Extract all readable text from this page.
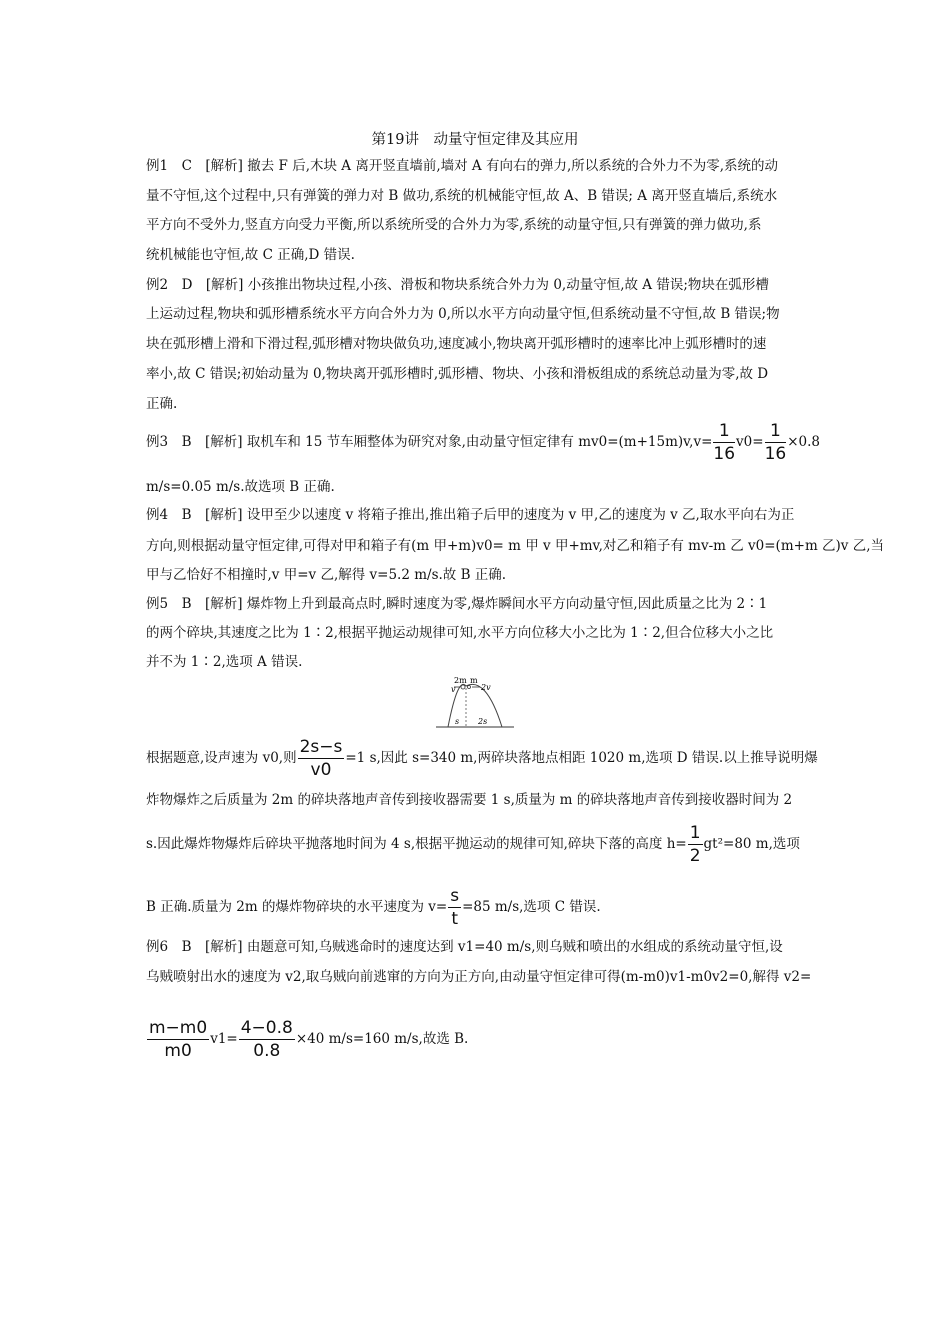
第19讲　动量守恒定律及其应用
例1　C　[解析] 撤去 F 后,木块 A 离开竖直墙前,墙对 A 有向右的弹力,所以系统的合外力不为零,系统的动
量不守恒,这个过程中,只有弹簧的弹力对 B 做功,系统的机械能守恒,故 A、B 错误; A 离开竖直墙后,系统水
平方向不受外力,竖直方向受力平衡,所以系统所受的合外力为零,系统的动量守恒,只有弹簧的弹力做功,系
统机械能也守恒,故 C 正确,D 错误.
例2　D　[解析] 小孩推出物块过程,小孩、滑板和物块系统合外力为 0,动量守恒,故 A 错误;物块在弧形槽
上运动过程,物块和弧形槽系统水平方向合外力为 0,所以水平方向动量守恒,但系统动量不守恒,故 B 错误;物
块在弧形槽上滑和下滑过程,弧形槽对物块做负功,速度减小,物块离开弧形槽时的速率比冲上弧形槽时的速
率小,故 C 错误;初始动量为 0,物块离开弧形槽时,弧形槽、物块、小孩和滑板组成的系统总动量为零,故 D
正确.
例3　B　[解析] 取机车和 15 节车厢整体为研究对象,由动量守恒定律有 $mv0=(m+15m)v,v= \frac{1}{16} v0= \frac{1}{16} \times 0.8$
m/s=0.05 m/s.故选项 B 正确.
例4　B　[解析] 设甲至少以速度 v 将箱子推出,推出箱子后甲的速度为 v 甲,乙的速度为 v 乙,取水平向右为正
方向,则根据动量守恒定律,可得对甲和箱子有(m 甲+m)v0= m 甲 v 甲+mv,对乙和箱子有 mv-m 乙 v0=(m+m 乙)v 乙,当
甲与乙恰好不相撞时,v 甲=v 乙,解得 v=5.2 m/s.故 B 正确.
例5　B　[解析] 爆炸物上升到最高点时,瞬时速度为零,爆炸瞬间水平方向动量守恒,因此质量之比为 2∶1
的两个碎块,其速度之比为 1∶2,根据平抛运动规律可知,水平方向位移大小之比为 1∶2,但合位移大小之比
并不为 1∶2,选项 A 错误.
2m m
v	2v
s 2s
根据题意,设声速为 v0,则 $\frac{2s-s}{v0} =1$ s,因此 s=340 m,两碎块落地点相距 1020 m,选项 D 错误.以上推导说明爆
炸物爆炸之后质量为 2m 的碎块落地声音传到接收器需要 1 s,质量为 m 的碎块落地声音传到接收器时间为 2
s.因此爆炸物爆炸后碎块平抛落地时间为 4 s,根据平抛运动的规律可知,碎块下落的高度 $h= \frac{1}{2} gt^2=80$ m,选项
B 正确.质量为 2m 的爆炸物碎块的水平速度为 $v= \frac{s}{t} =85$ m/s,选项 C 错误.
例6　B　[解析] 由题意可知,乌贼逃命时的速度达到 v1=40 m/s,则乌贼和喷出的水组成的系统动量守恒,设
乌贼喷射出水的速度为 v2,取乌贼向前逃窜的方向为正方向,由动量守恒定律可得(m-m0)v1-m0v2=0,解得 v2=
$\frac{m-m0}{m0} v1= \frac{4-0.8}{0.8} \times 40$ m/s=160 m/s,故选 B.
